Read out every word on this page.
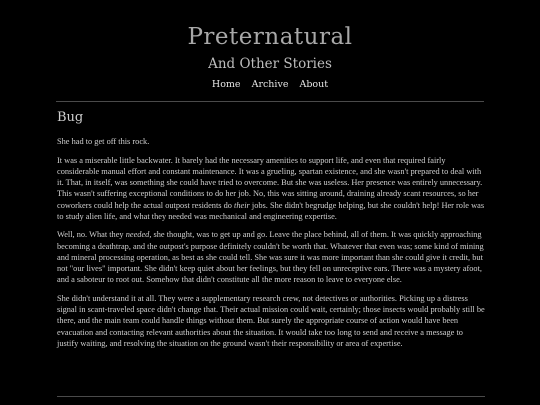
Preternatural
And Other Stories
Home Archive About
Bug

She had to get off this rock.

It was a miserable little backwater. It barely had the necessary amenities to support life, and even that required fairly considerable manual effort and constant maintenance. It was a grueling, spartan existence, and she wasn't prepared to deal with it. That, in itself, was something she could have tried to overcome. But she was useless. Her presence was entirely unnecessary. This wasn't suffering exceptional conditions to do her job. No, this was sitting around, draining already scant resources, so her coworkers could help the actual outpost residents do their jobs. She didn't begrudge helping, but she couldn't help! Her role was to study alien life, and what they needed was mechanical and engineering expertise.

Well, no. What they needed, she thought, was to get up and go. Leave the place behind, all of them. It was quickly approaching becoming a deathtrap, and the outpost's purpose definitely couldn't be worth that. Whatever that even was; some kind of mining and mineral processing operation, as best as she could tell. She was sure it was more important than she could give it credit, but not "our lives" important. She didn't keep quiet about her feelings, but they fell on unreceptive ears. There was a mystery afoot, and a saboteur to root out. Somehow that didn't constitute all the more reason to leave to everyone else.

She didn't understand it at all. They were a supplementary research crew, not detectives or authorities. Picking up a distress signal in scant-traveled space didn't change that. Their actual mission could wait, certainly; those insects would probably still be there, and the main team could handle things without them. But surely the appropriate course of action would have been evacuation and contacting relevant authorities about the situation. It would take too long to send and receive a message to justify waiting, and resolving the situation on the ground wasn't their responsibility or area of expertise.
